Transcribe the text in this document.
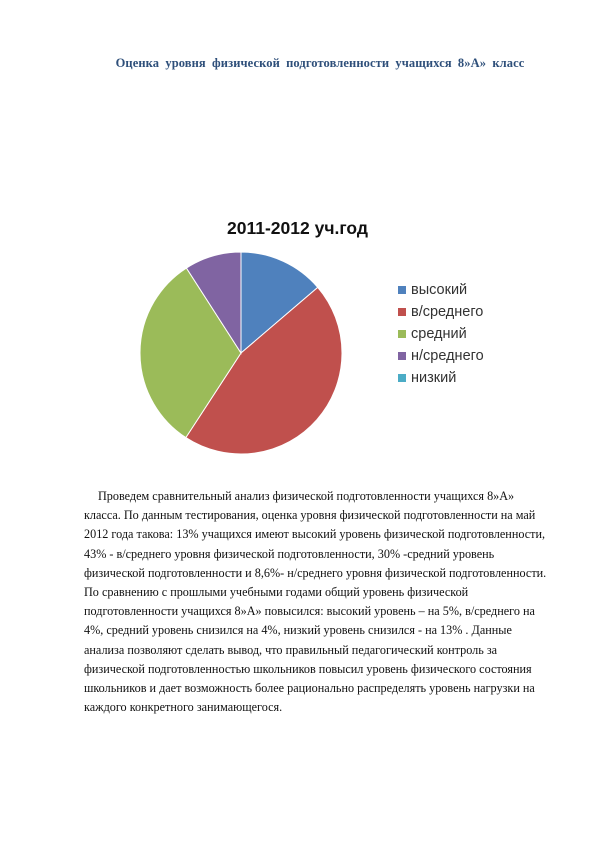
Оценка уровня физической подготовленности учащихся 8»А» класс
2011-2012 уч.год
высокий
в/среднего
средний
н/среднего
низкий

Проведем сравнительный анализ физической подготовленности учащихся 8»А» класса. По данным тестирования, оценка уровня физической подготовленности на май 2012 года такова: 13% учащихся имеют высокий уровень физической подготовленности, 43% - в/среднего уровня физической подготовленности, 30% -средний уровень физической подготовленности и 8,6%- н/среднего уровня физической подготовленности. По сравнению с прошлыми учебными годами общий уровень физической подготовленности учащихся 8»А» повысился: высокий уровень – на 5%, в/среднего на 4%, средний уровень снизился на 4%, низкий уровень снизился - на 13% . Данные анализа позволяют сделать вывод, что правильный педагогический контроль за физической подготовленностью школьников повысил уровень физического состояния школьников и дает возможность более рационально распределять уровень нагрузки на каждого конкретного занимающегося.
